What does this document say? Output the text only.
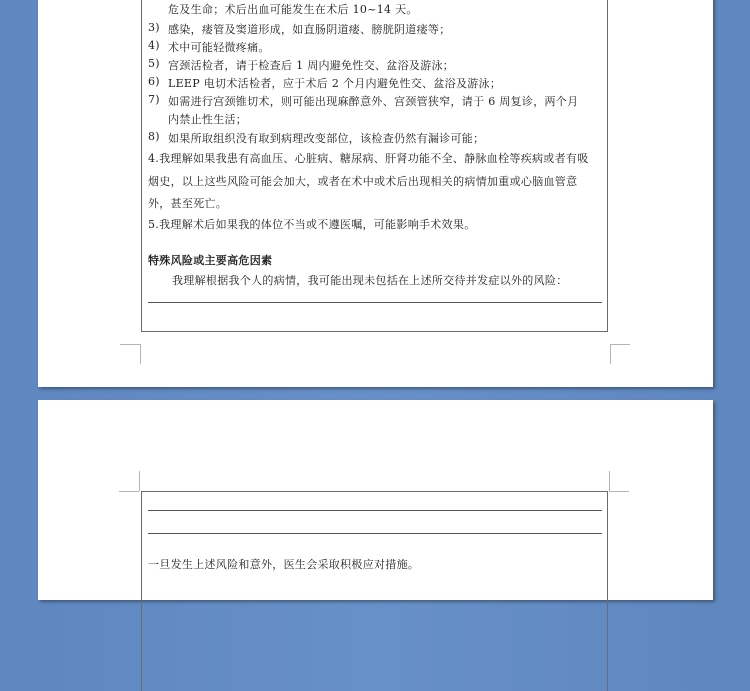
危及生命；术后出血可能发生在术后 10~14 天。
3) 感染，瘘管及窦道形成，如直肠阴道瘘、膀胱阴道瘘等；
4) 术中可能轻微疼痛。
5) 宫颈活检者，请于检查后 1 周内避免性交、盆浴及游泳；
6) LEEP 电切术活检者，应于术后 2 个月内避免性交、盆浴及游泳；
7) 如需进行宫颈锥切术，则可能出现麻醉意外、宫颈管狭窄，请于 6 周复诊，两个月
内禁止性生活；
8) 如果所取组织没有取到病理改变部位，该检查仍然有漏诊可能；
4.我理解如果我患有高血压、心脏病、糖尿病、肝肾功能不全、静脉血栓等疾病或者有吸
烟史，以上这些风险可能会加大，或者在术中或术后出现相关的病情加重或心脑血管意
外，甚至死亡。
5.我理解术后如果我的体位不当或不遵医嘱，可能影响手术效果。
特殊风险或主要高危因素
我理解根据我个人的病情，我可能出现未包括在上述所交待并发症以外的风险：
一旦发生上述风险和意外，医生会采取积极应对措施。
